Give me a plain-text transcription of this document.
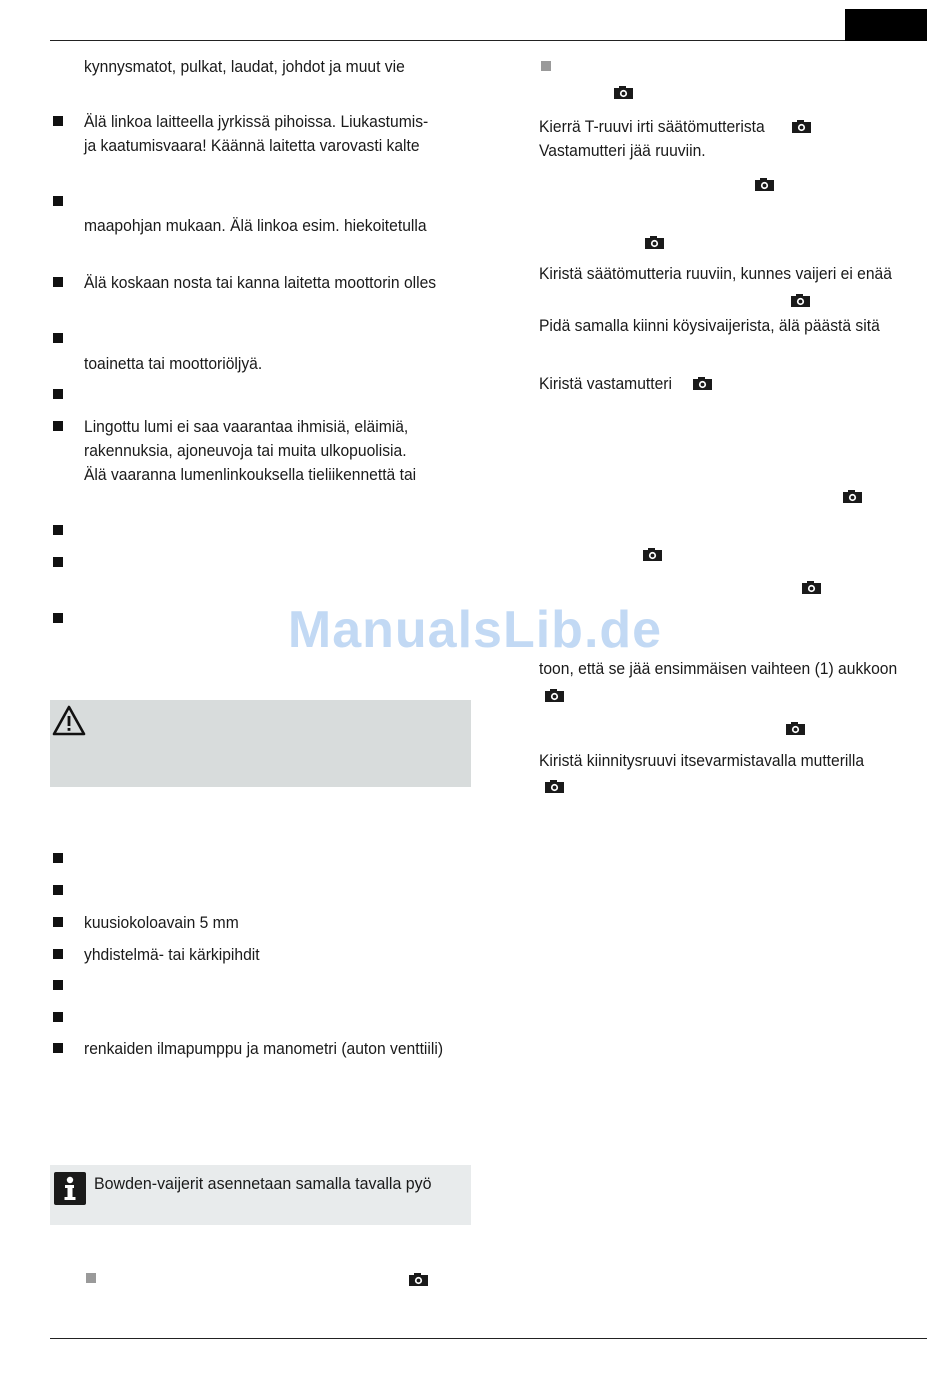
ManualsLib.de
kynnysmatot, pulkat, laudat, johdot ja muut vie
Älä linkoa laitteella jyrkissä pihoissa. Liukastumis-
ja kaatumisvaara! Käännä laitetta varovasti kalte
maapohjan mukaan. Älä linkoa esim. hiekoitetulla
Älä koskaan nosta tai kanna laitetta moottorin olles
toainetta tai moottoriöljyä.
Lingottu lumi ei saa vaarantaa ihmisiä, eläimiä,
rakennuksia, ajoneuvoja tai muita ulkopuolisia.
Älä vaaranna lumenlinkouksella tieliikennettä tai
kuusiokoloavain 5 mm
yhdistelmä- tai kärkipihdit
renkaiden ilmapumppu ja manometri (auton venttiili)
Bowden-vaijerit asennetaan samalla tavalla pyö
Kierrä T-ruuvi irti säätömutterista
Vastamutteri jää ruuviin.
Kiristä säätömutteria ruuviin, kunnes vaijeri ei enää
Pidä samalla kiinni köysivaijerista, älä päästä sitä
Kiristä vastamutteri
toon, että se jää ensimmäisen vaihteen (1) aukkoon
Kiristä kiinnitysruuvi itsevarmistavalla mutterilla
